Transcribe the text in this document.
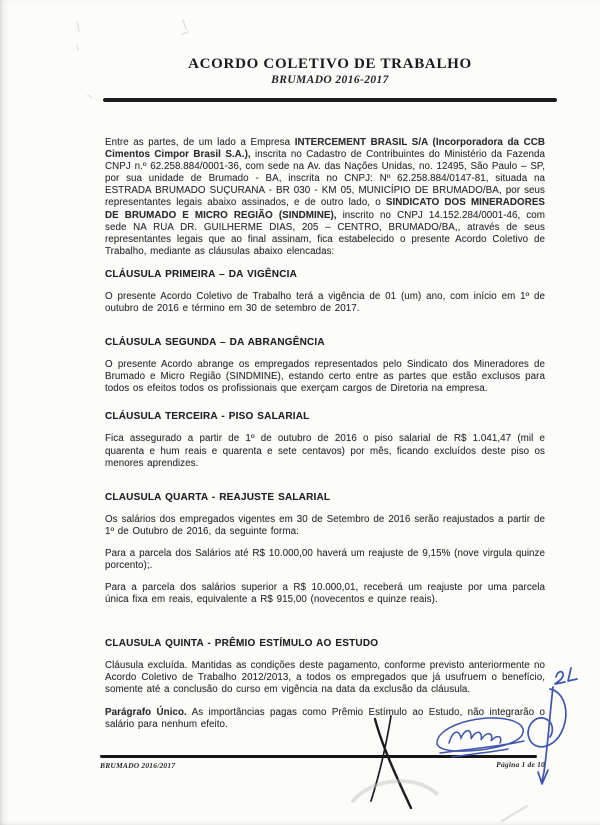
ACORDO COLETIVO DE TRABALHO
BRUMADO 2016-2017

Entre as partes, de um lado a Empresa INTERCEMENT BRASIL S/A (Incorporadora da CCB Cimentos Cimpor Brasil S.A.), inscrita no Cadastro de Contribuintes do Ministério da Fazenda CNPJ n.º 62.258.884/0001-36, com sede na Av. das Nações Unidas, no. 12495, São Paulo – SP, por sua unidade de Brumado - BA, inscrita no CNPJ: Nº 62.258.884/0147-81, situada na ESTRADA BRUMADO SUÇURANA - BR 030 - KM 05, MUNICÍPIO DE BRUMADO/BA, por seus representantes legais abaixo assinados, e de outro lado, o SINDICATO DOS MINERADORES DE BRUMADO E MICRO REGIÃO (SINDMINE), inscrito no CNPJ 14.152.284/0001-46, com sede NA RUA DR. GUILHERME DIAS, 205 – CENTRO, BRUMADO/BA,, através de seus representantes legais que ao final assinam, fica estabelecido o presente Acordo Coletivo de Trabalho, mediante as cláusulas abaixo elencadas:

CLÁUSULA PRIMEIRA – DA VIGÊNCIA

O presente Acordo Coletivo de Trabalho terá a vigência de 01 (um) ano, com início em 1º de outubro de 2016 e término em 30 de setembro de 2017.

CLÁUSULA SEGUNDA – DA ABRANGÊNCIA

O presente Acordo abrange os empregados representados pelo Sindicato dos Mineradores de Brumado e Micro Região (SINDMINE), estando certo entre as partes que estão exclusos para todos os efeitos todos os profissionais que exerçam cargos de Diretoria na empresa.

CLÁUSULA TERCEIRA - PISO SALARIAL

Fica assegurado a partir de 1º de outubro de 2016 o piso salarial de R$ 1.041,47 (mil e quarenta e hum reais e quarenta e sete centavos) por mês, ficando excluídos deste piso os menores aprendizes.

CLAUSULA QUARTA - REAJUSTE SALARIAL

Os salários dos empregados vigentes em 30 de Setembro de 2016 serão reajustados a partir de 1º de Outubro de 2016, da seguinte forma:

Para a parcela dos Salários até R$ 10.000,00 haverá um reajuste de 9,15% (nove virgula quinze porcento);.

Para a parcela dos salários superior a R$ 10.000,01, receberá um reajuste por uma parcela única fixa em reais, equivalente a R$ 915,00 (novecentos e quinze reais).

CLAUSULA QUINTA - PRÊMIO ESTÍMULO AO ESTUDO

Cláusula excluída. Mantidas as condições deste pagamento, conforme previsto anteriormente no Acordo Coletivo de Trabalho 2012/2013, a todos os empregados que já usufruem o benefício, somente até a conclusão do curso em vigência na data da exclusão da cláusula.

Parágrafo Único. As importâncias pagas como Prêmio Estímulo ao Estudo, não integrarão o salário para nenhum efeito.

BRUMADO 2016/2017	Página 1 de 10
